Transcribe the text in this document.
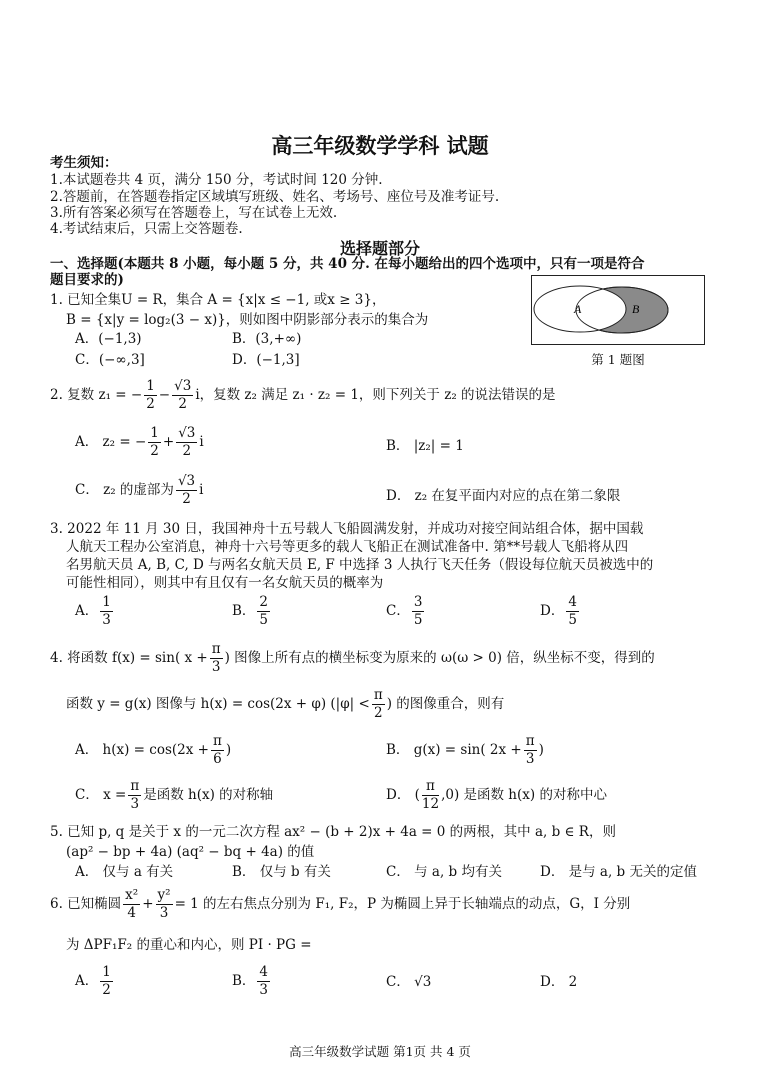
高三年级数学学科 试题
考生须知：
1.本试题卷共 4 页，满分 150 分，考试时间 120 分钟.
2.答题前，在答题卷指定区域填写班级、姓名、考场号、座位号及准考证号.
3.所有答案必须写在答题卷上，写在试卷上无效.
4.考试结束后，只需上交答题卷.
选择题部分
一、选择题(本题共 8 小题，每小题 5 分，共 40 分. 在每小题给出的四个选项中，只有一项是符合
题目要求的)
A	B
第 1 题图
1. 已知全集U = R，集合 A = {x|x ≤ −1, 或x ≥ 3}，
B = {x|y = log₂(3 − x)}，则如图中阴影部分表示的集合为
A．(−1,3)	B．(3,+∞)
C．(−∞,3]	D．(−1,3]
2. 复数 z₁ = − $\frac{1}{2} - \frac{√3}{2}$ i，复数 z₂ 满足 z₁ · z₂ = 1，则下列关于 z₂ 的说法错误的是
A． z₂ = − $\frac{1}{2} + \frac{√3}{2}$ i	B． |z₂| = 1
C． z₂ 的虚部为 $\frac{√3}{2}$ i	D． z₂ 在复平面内对应的点在第二象限
3. 2022 年 11 月 30 日，我国神舟十五号载人飞船圆满发射，并成功对接空间站组合体，据中国载
人航天工程办公室消息，神舟十六号等更多的载人飞船正在测试准备中. 第**号载人飞船将从四
名男航天员 A, B, C, D 与两名女航天员 E, F 中选择 3 人执行飞天任务（假设每位航天员被选中的
可能性相同），则其中有且仅有一名女航天员的概率为
A． $\frac{1}{3}$	B． $\frac{2}{5}$	C． $\frac{3}{5}$	D． $\frac{4}{5}$
4. 将函数 f(x) = sin( $x + \frac{\pi}{3}$ ) 图像上所有点的横坐标变为原来的 ω(ω > 0) 倍，纵坐标不变，得到的
函数 y = g(x) 图像与 h(x) = cos(2x + φ) ($|\varphi| < \frac{\pi}{2}$ ) 的图像重合，则有
A． $h(x) = \cos(2x + \frac{\pi}{6}$ )	B． g(x) = sin( $2x + \frac{\pi}{3}$ )
C． $x = \frac{\pi}{3}$ 是函数 h(x) 的对称轴	D． ( $\frac{\pi}{12} ,0$) 是函数 h(x) 的对称中心
5. 已知 p, q 是关于 x 的一元二次方程 ax² − (b + 2)x + 4a = 0 的两根，其中 a, b ∈ R，则
(ap² − bp + 4a) (aq² − bq + 4a) 的值
A． 仅与 a 有关	B． 仅与 b 有关	C． 与 a, b 均有关	D． 是与 a, b 无关的定值
6. 已知椭圆 $\frac{\text{x²}}{4} + \frac{\text{y²}}{3} = 1$ 的左右焦点分别为 F₁, F₂，P 为椭圆上异于长轴端点的动点，G，I 分别
为 ΔPF₁F₂ 的重心和内心，则 PI · PG =
A． $\frac{1}{2}$	B． $\frac{4}{3}$	C． √3	D． 2
高三年级数学试题 第1页 共 4 页
